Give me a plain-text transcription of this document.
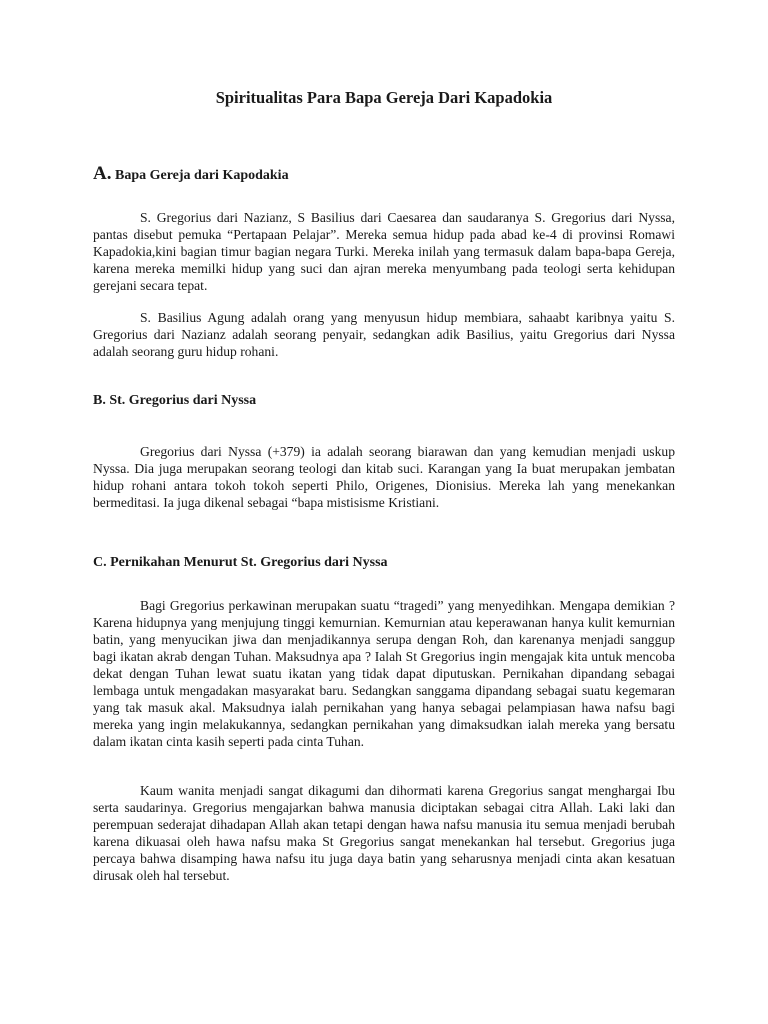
Spiritualitas Para Bapa Gereja Dari Kapadokia
A. Bapa Gereja dari Kapodakia

S. Gregorius dari Nazianz, S Basilius dari Caesarea dan saudaranya S. Gregorius dari Nyssa, pantas disebut pemuka “Pertapaan Pelajar”. Mereka semua hidup pada abad ke-4 di provinsi Romawi Kapadokia,kini bagian timur bagian negara Turki. Mereka inilah yang termasuk dalam bapa-bapa Gereja, karena mereka memilki hidup yang suci dan ajran mereka menyumbang pada teologi serta kehidupan gerejani secara tepat.

S. Basilius Agung adalah orang yang menyusun hidup membiara, sahaabt karibnya yaitu S. Gregorius dari Nazianz adalah seorang penyair, sedangkan adik Basilius, yaitu Gregorius dari Nyssa adalah seorang guru hidup rohani.

B. St. Gregorius dari Nyssa

Gregorius dari Nyssa (+379) ia adalah seorang biarawan dan yang kemudian menjadi uskup Nyssa. Dia juga merupakan seorang teologi dan kitab suci. Karangan yang Ia buat merupakan jembatan hidup rohani antara tokoh tokoh seperti Philo, Origenes, Dionisius. Mereka lah yang menekankan bermeditasi. Ia juga dikenal sebagai “bapa mistisisme Kristiani.

C. Pernikahan Menurut St. Gregorius dari Nyssa

Bagi Gregorius perkawinan merupakan suatu “tragedi” yang menyedihkan. Mengapa demikian ? Karena hidupnya yang menjujung tinggi kemurnian. Kemurnian atau keperawanan hanya kulit kemurnian batin, yang menyucikan jiwa dan menjadikannya serupa dengan Roh, dan karenanya menjadi sanggup bagi ikatan akrab dengan Tuhan. Maksudnya apa ? Ialah St Gregorius ingin mengajak kita untuk mencoba dekat dengan Tuhan lewat suatu ikatan yang tidak dapat diputuskan. Pernikahan dipandang sebagai lembaga untuk mengadakan masyarakat baru. Sedangkan sanggama dipandang sebagai suatu kegemaran yang tak masuk akal. Maksudnya ialah pernikahan yang hanya sebagai pelampiasan hawa nafsu bagi mereka yang ingin melakukannya, sedangkan pernikahan yang dimaksudkan ialah mereka yang bersatu dalam ikatan cinta kasih seperti pada cinta Tuhan.

Kaum wanita menjadi sangat dikagumi dan dihormati karena Gregorius sangat menghargai Ibu serta saudarinya. Gregorius mengajarkan bahwa manusia diciptakan sebagai citra Allah. Laki laki dan perempuan sederajat dihadapan Allah akan tetapi dengan hawa nafsu manusia itu semua menjadi berubah karena dikuasai oleh hawa nafsu maka St Gregorius sangat menekankan hal tersebut. Gregorius juga percaya bahwa disamping hawa nafsu itu juga daya batin yang seharusnya menjadi cinta akan kesatuan dirusak oleh hal tersebut.
